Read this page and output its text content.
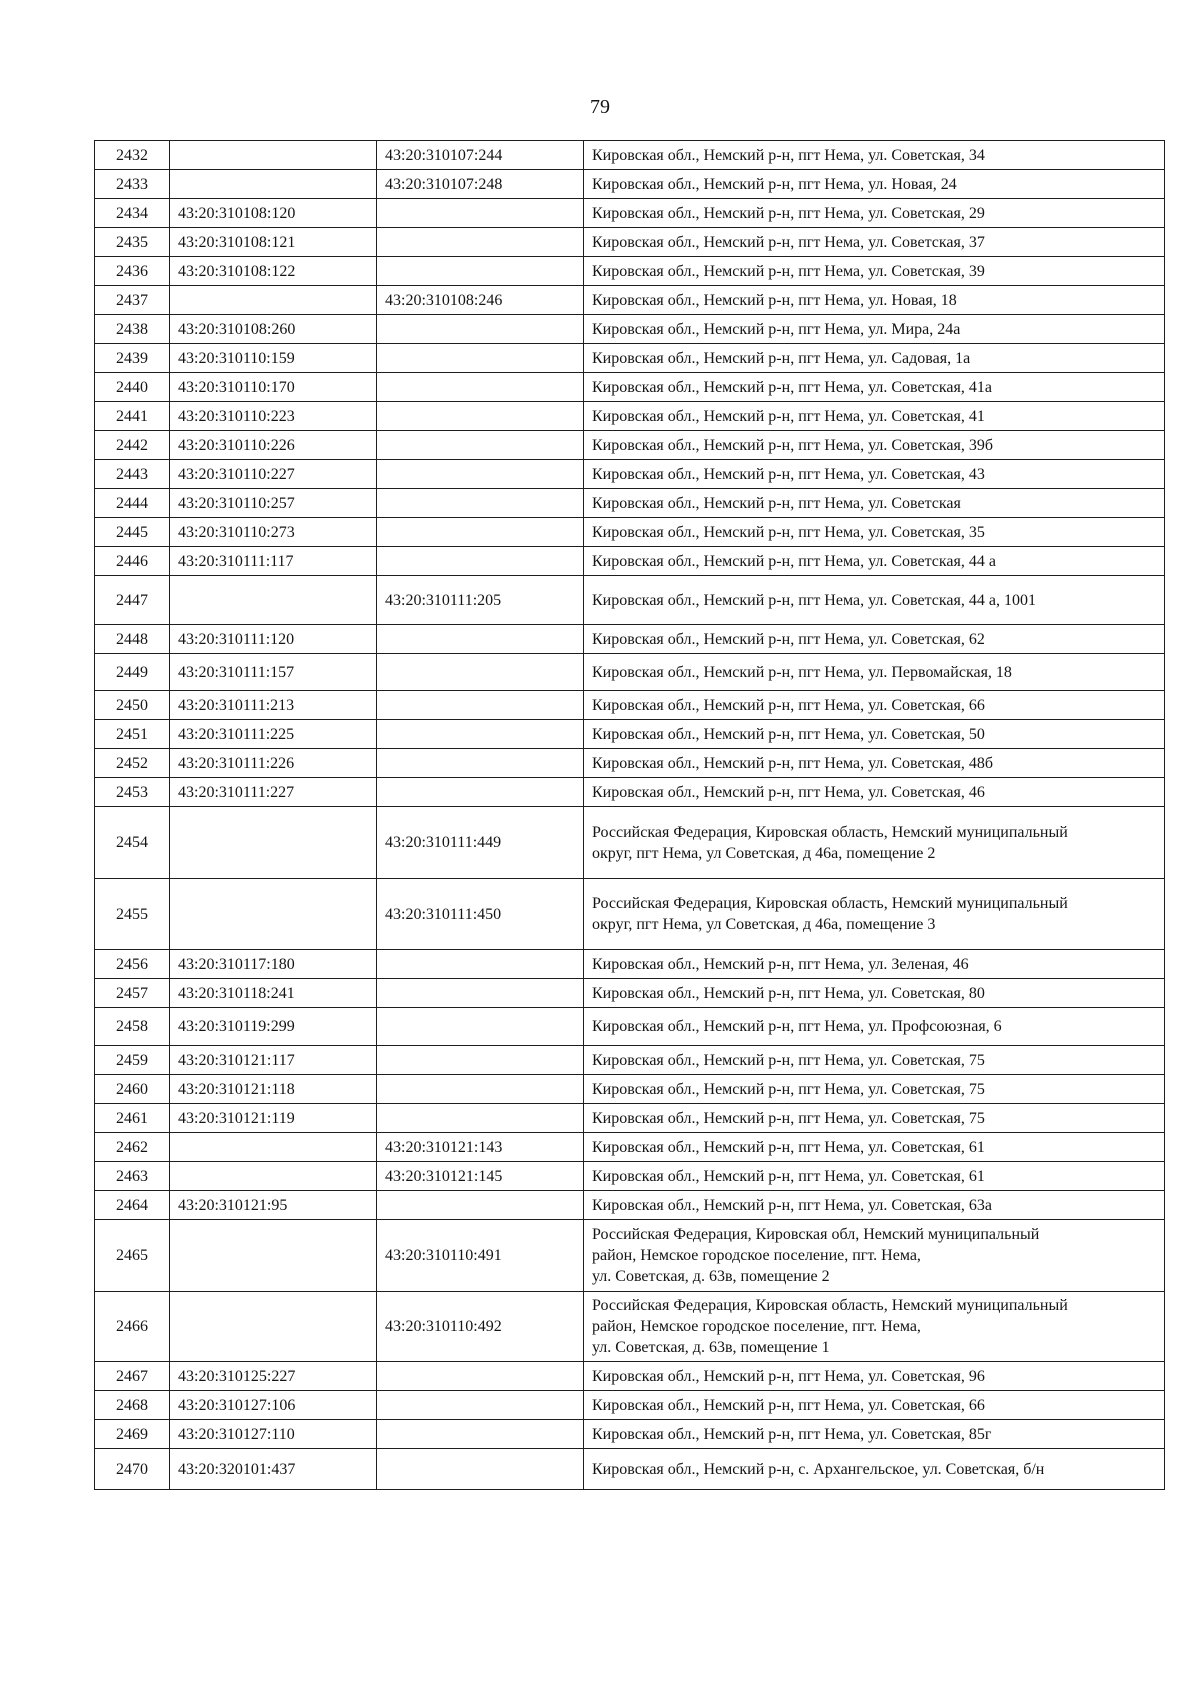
79
2432		43:20:310107:244	Кировская обл., Немский р-н, пгт Нема, ул. Советская, 34

2433		43:20:310107:248	Кировская обл., Немский р-н, пгт Нема, ул. Новая, 24

2434	43:20:310108:120		Кировская обл., Немский р-н, пгт Нема, ул. Советская, 29

2435	43:20:310108:121		Кировская обл., Немский р-н, пгт Нема, ул. Советская, 37

2436	43:20:310108:122		Кировская обл., Немский р-н, пгт Нема, ул. Советская, 39

2437		43:20:310108:246	Кировская обл., Немский р-н, пгт Нема, ул. Новая, 18

2438	43:20:310108:260		Кировская обл., Немский р-н, пгт Нема, ул. Мира, 24а

2439	43:20:310110:159		Кировская обл., Немский р-н, пгт Нема, ул. Садовая, 1а

2440	43:20:310110:170		Кировская обл., Немский р-н, пгт Нема, ул. Советская, 41а

2441	43:20:310110:223		Кировская обл., Немский р-н, пгт Нема, ул. Советская, 41

2442	43:20:310110:226		Кировская обл., Немский р-н, пгт Нема, ул. Советская, 39б

2443	43:20:310110:227		Кировская обл., Немский р-н, пгт Нема, ул. Советская, 43

2444	43:20:310110:257		Кировская обл., Немский р-н, пгт Нема, ул. Советская

2445	43:20:310110:273		Кировская обл., Немский р-н, пгт Нема, ул. Советская, 35

2446	43:20:310111:117		Кировская обл., Немский р-н, пгт Нема, ул. Советская, 44 а

2447		43:20:310111:205	Кировская обл., Немский р-н, пгт Нема, ул. Советская, 44 а, 1001

2448	43:20:310111:120		Кировская обл., Немский р-н, пгт Нема, ул. Советская, 62

2449	43:20:310111:157		Кировская обл., Немский р-н, пгт Нема, ул. Первомайская, 18

2450	43:20:310111:213		Кировская обл., Немский р-н, пгт Нема, ул. Советская, 66

2451	43:20:310111:225		Кировская обл., Немский р-н, пгт Нема, ул. Советская, 50

2452	43:20:310111:226		Кировская обл., Немский р-н, пгт Нема, ул. Советская, 48б

2453	43:20:310111:227		Кировская обл., Немский р-н, пгт Нема, ул. Советская, 46

2454		43:20:310111:449	Российская Федерация, Кировская область, Немский муниципальный
округ, пгт Нема, ул Советская, д 46а, помещение 2

2455		43:20:310111:450	Российская Федерация, Кировская область, Немский муниципальный
округ, пгт Нема, ул Советская, д 46а, помещение 3

2456	43:20:310117:180		Кировская обл., Немский р-н, пгт Нема, ул. Зеленая, 46

2457	43:20:310118:241		Кировская обл., Немский р-н, пгт Нема, ул. Советская, 80

2458	43:20:310119:299		Кировская обл., Немский р-н, пгт Нема, ул. Профсоюзная, 6

2459	43:20:310121:117		Кировская обл., Немский р-н, пгт Нема, ул. Советская, 75

2460	43:20:310121:118		Кировская обл., Немский р-н, пгт Нема, ул. Советская, 75

2461	43:20:310121:119		Кировская обл., Немский р-н, пгт Нема, ул. Советская, 75

2462		43:20:310121:143	Кировская обл., Немский р-н, пгт Нема, ул. Советская, 61

2463		43:20:310121:145	Кировская обл., Немский р-н, пгт Нема, ул. Советская, 61

2464	43:20:310121:95		Кировская обл., Немский р-н, пгт Нема, ул. Советская, 63а

2465		43:20:310110:491	Российская Федерация, Кировская обл, Немский муниципальный
район, Немское городское поселение, пгт. Нема,
ул. Советская, д. 63в, помещение 2

2466		43:20:310110:492	Российская Федерация, Кировская область, Немский муниципальный
район, Немское городское поселение, пгт. Нема,
ул. Советская, д. 63в, помещение 1

2467	43:20:310125:227		Кировская обл., Немский р-н, пгт Нема, ул. Советская, 96

2468	43:20:310127:106		Кировская обл., Немский р-н, пгт Нема, ул. Советская, 66

2469	43:20:310127:110		Кировская обл., Немский р-н, пгт Нема, ул. Советская, 85г

2470	43:20:320101:437		Кировская обл., Немский р-н, с. Архангельское, ул. Советская, б/н
